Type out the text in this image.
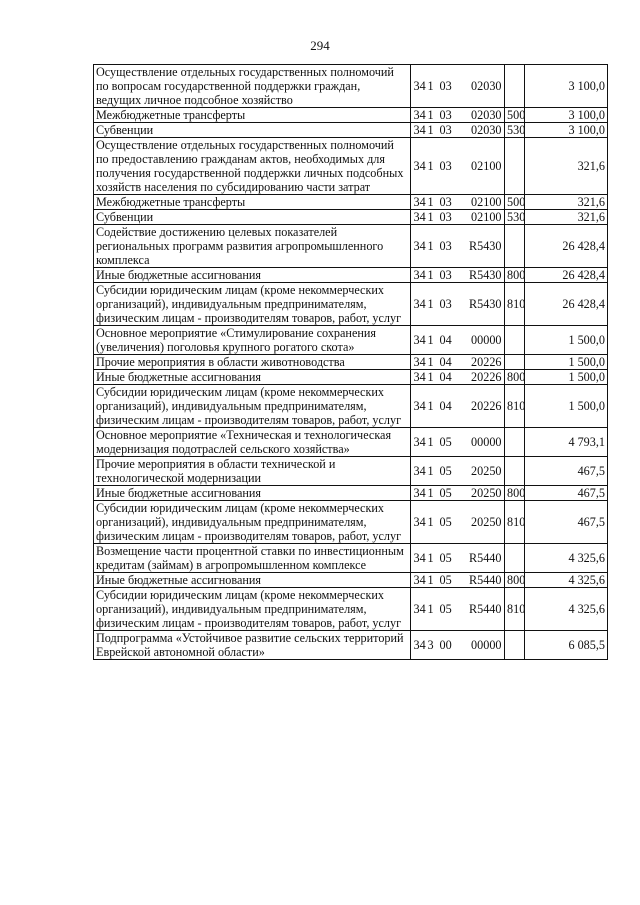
294
Осуществление отдельных государственных полномочий по вопросам государственной поддержки граждан, ведущих личное подсобное хозяйство	34 1 03 02030		3 100,0
Межбюджетные трансферты	34 1 03 02030	500	3 100,0
Субвенции	34 1 03 02030	530	3 100,0
Осуществление отдельных государственных полномочий по предоставлению гражданам актов, необходимых для получения государственной поддержки личных подсобных хозяйств населения по субсидированию части затрат	34 1 03 02100		321,6
Межбюджетные трансферты	34 1 03 02100	500	321,6
Субвенции	34 1 03 02100	530	321,6
Содействие достижению целевых показателей региональных программ развития агропромышленного комплекса	34 1 03 R5430		26 428,4
Иные бюджетные ассигнования	34 1 03 R5430	800	26 428,4
Субсидии юридическим лицам (кроме некоммерческих организаций), индивидуальным предпринимателям, физическим лицам - производителям товаров, работ, услуг	34 1 03 R5430	810	26 428,4
Основное мероприятие «Стимулирование сохранения (увеличения) поголовья крупного рогатого скота»	34 1 04 00000		1 500,0
Прочие мероприятия в области животноводства	34 1 04 20226		1 500,0
Иные бюджетные ассигнования	34 1 04 20226	800	1 500,0
Субсидии юридическим лицам (кроме некоммерческих организаций), индивидуальным предпринимателям, физическим лицам - производителям товаров, работ, услуг	34 1 04 20226	810	1 500,0
Основное мероприятие «Техническая и технологическая модернизация подотраслей сельского хозяйства»	34 1 05 00000		4 793,1
Прочие мероприятия в области технической и технологической модернизации	34 1 05 20250		467,5
Иные бюджетные ассигнования	34 1 05 20250	800	467,5
Субсидии юридическим лицам (кроме некоммерческих организаций), индивидуальным предпринимателям, физическим лицам - производителям товаров, работ, услуг	34 1 05 20250	810	467,5
Возмещение части процентной ставки по инвестиционным кредитам (займам) в агропромышленном комплексе	34 1 05 R5440		4 325,6
Иные бюджетные ассигнования	34 1 05 R5440	800	4 325,6
Субсидии юридическим лицам (кроме некоммерческих организаций), индивидуальным предпринимателям, физическим лицам - производителям товаров, работ, услуг	34 1 05 R5440	810	4 325,6
Подпрограмма «Устойчивое развитие сельских территорий Еврейской автономной области»	34 3 00 00000		6 085,5
